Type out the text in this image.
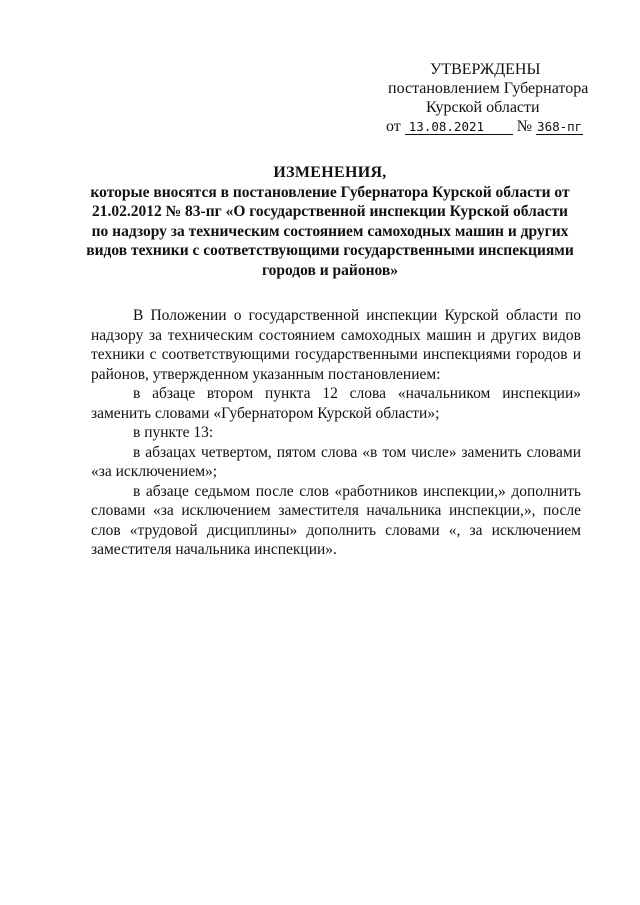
УТВЕРЖДЕНЫ
постановлением Губернатора
Курской области
от 13.08.2021 № 368-пг
ИЗМЕНЕНИЯ,
которые вносятся в постановление Губернатора Курской области от 21.02.2012 № 83-пг «О государственной инспекции Курской области по надзору за техническим состоянием самоходных машин и других видов техники с соответствующими государственными инспекциями городов и районов»

В Положении о государственной инспекции Курской области по надзору за техническим состоянием самоходных машин и других видов техники с соответствующими государственными инспекциями городов и районов, утвержденном указанным постановлением:

в абзаце втором пункта 12 слова «начальником инспекции» заменить словами «Губернатором Курской области»;

в пункте 13:

в абзацах четвертом, пятом слова «в том числе» заменить словами «за исключением»;

в абзаце седьмом после слов «работников инспекции,» дополнить словами «за исключением заместителя начальника инспекции,», после слов «трудовой дисциплины» дополнить словами «, за исключением заместителя начальника инспекции».
